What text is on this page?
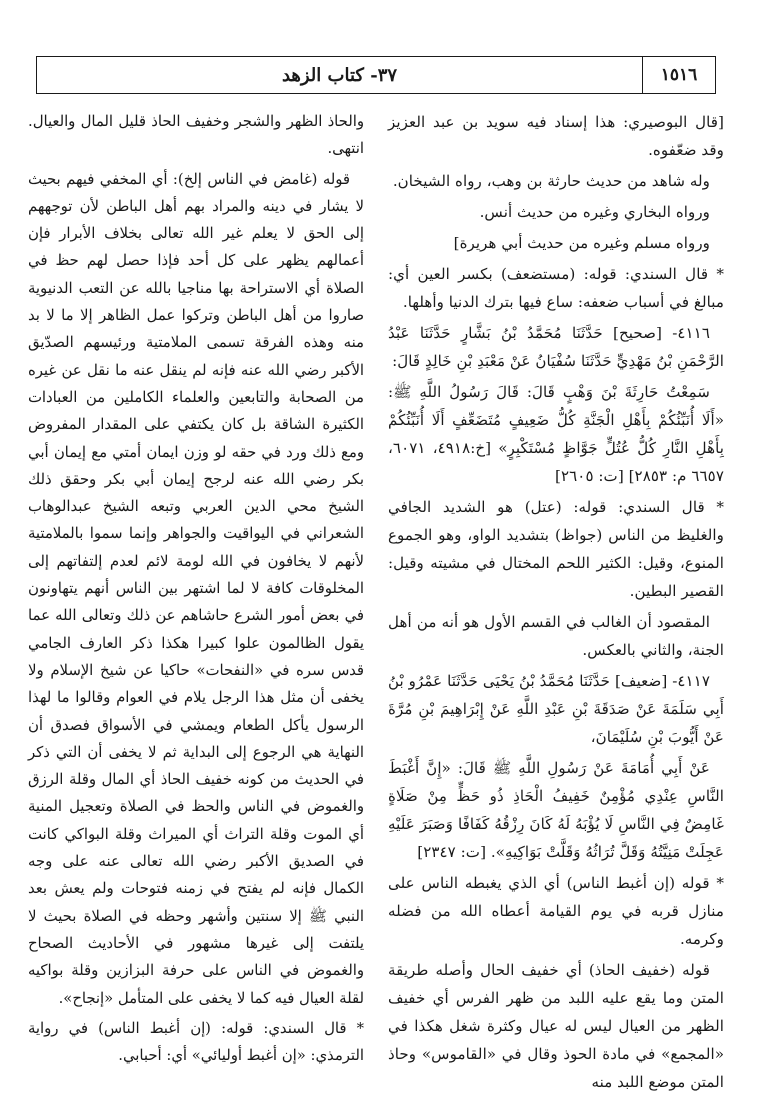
١٥١٦
٣٧- كتاب الزهد

[قال البوصيري: هذا إسناد فيه سويد بن عبد العزيز وقد ضعّفوه.

وله شاهد من حديث حارثة بن وهب، رواه الشيخان.

ورواه البخاري وغيره من حديث أنس.

ورواه مسلم وغيره من حديث أبي هريرة]

* قال السندي: قوله: (مستضعف) بكسر العين أي: مبالغ في أسباب ضعفه: ساع فيها بترك الدنيا وأهلها.

٤١١٦- [صحيح] حَدَّثَنَا مُحَمَّدُ بْنُ بَشَّارٍ حَدَّثَنَا عَبْدُ الرَّحْمَنِ بْنُ مَهْدِيٍّ حَدَّثَنَا سُفْيَانُ عَنْ مَعْبَدِ بْنِ خَالِدٍ قَالَ:

سَمِعْتُ حَارِثَةَ بْنَ وَهْبٍ قَالَ: قَالَ رَسُولُ اللَّهِ ﷺ: «أَلَا أُنَبِّئُكُمْ بِأَهْلِ الْجَنَّةِ كُلُّ ضَعِيفٍ مُتَضَعِّفٍ أَلَا أُنَبِّئُكُمْ بِأَهْلِ النَّارِ كُلُّ عُتُلٍّ جَوَّاظٍ مُسْتَكْبِرٍ» [خ:٤٩١٨، ٦٠٧١، ٦٦٥٧ م: ٢٨٥٣] [ت: ٢٦٠٥]

* قال السندي: قوله: (عتل) هو الشديد الجافي والغليظ من الناس (جواظ) بتشديد الواو، وهو الجموع المنوع، وقيل: الكثير اللحم المختال في مشيته وقيل: القصير البطين.

المقصود أن الغالب في القسم الأول هو أنه من أهل الجنة، والثاني بالعكس.

٤١١٧- [ضعيف] حَدَّثَنَا مُحَمَّدُ بْنُ يَحْيَى حَدَّثَنَا عَمْرُو بْنُ أَبِي سَلَمَةَ عَنْ صَدَقَةَ بْنِ عَبْدِ اللَّهِ عَنْ إِبْرَاهِيمَ بْنِ مُرَّةَ عَنْ أَيُّوبَ بْنِ سُلَيْمَانَ،

عَنْ أَبِي أُمَامَةَ عَنْ رَسُولِ اللَّهِ ﷺ قَالَ: «إِنَّ أَغْبَطَ النَّاسِ عِنْدِي مُؤْمِنٌ خَفِيفُ الْحَاذِ ذُو حَظٍّ مِنْ صَلَاةٍ غَامِضٌ فِي النَّاسِ لَا يُؤْبَهُ لَهُ كَانَ رِزْقُهُ كَفَافًا وَصَبَرَ عَلَيْهِ عَجِلَتْ مَنِيَّتُهُ وَقَلَّ تُرَاثُهُ وَقَلَّتْ بَوَاكِيهِ». [ت: ٢٣٤٧]

* قوله (إن أغبط الناس) أي الذي يغبطه الناس على منازل قربه في يوم القيامة أعطاه الله من فضله وكرمه.

قوله (خفيف الحاذ) أي خفيف الحال وأصله طريقة المتن وما يقع عليه اللبد من ظهر الفرس أي خفيف الظهر من العيال ليس له عيال وكثرة شغل هكذا في «المجمع» في مادة الحوذ وقال في «القاموس» وحاذ المتن موضع اللبد منه

والحاذ الظهر والشجر وخفيف الحاذ قليل المال والعيال. انتهى.

قوله (غامض في الناس إلخ): أي المخفي فيهم بحيث لا يشار في دينه والمراد بهم أهل الباطن لأن توجههم إلى الحق لا يعلم غير الله تعالى بخلاف الأبرار فإن أعمالهم يظهر على كل أحد فإذا حصل لهم حظ في الصلاة أي الاستراحة بها مناجيا بالله عن التعب الدنيوية صاروا من أهل الباطن وتركوا عمل الظاهر إلا ما لا بد منه وهذه الفرقة تسمى الملامتية ورئيسهم الصدّيق الأكبر رضي الله عنه فإنه لم ينقل عنه ما نقل عن غيره من الصحابة والتابعين والعلماء الكاملين من العبادات الكثيرة الشاقة بل كان يكتفي على المقدار المفروض ومع ذلك ورد في حقه لو وزن ايمان أمتي مع إيمان أبي بكر رضي الله عنه لرجح إيمان أبي بكر وحقق ذلك الشيخ محي الدين العربي وتبعه الشيخ عبدالوهاب الشعراني في اليواقيت والجواهر وإنما سموا بالملامتية لأنهم لا يخافون في الله لومة لائم لعدم إلتفاتهم إلى المخلوقات كافة لا لما اشتهر بين الناس أنهم يتهاونون في بعض أمور الشرع حاشاهم عن ذلك وتعالى الله عما يقول الظالمون علوا كبيرا هكذا ذكر العارف الجامي قدس سره في «النفحات» حاكيا عن شيخ الإسلام ولا يخفى أن مثل هذا الرجل يلام في العوام وقالوا ما لهذا الرسول يأكل الطعام ويمشي في الأسواق فصدق أن النهاية هي الرجوع إلى البداية ثم لا يخفى أن التي ذكر في الحديث من كونه خفيف الحاذ أي المال وقلة الرزق والغموض في الناس والحظ في الصلاة وتعجيل المنية أي الموت وقلة التراث أي الميراث وقلة البواكي كانت في الصديق الأكبر رضي الله تعالى عنه على وجه الكمال فإنه لم يفتح في زمنه فتوحات ولم يعش بعد النبي ﷺ إلا سنتين وأشهر وحظه في الصلاة بحيث لا يلتفت إلى غيرها مشهور في الأحاديث الصحاح والغموض في الناس على حرفة البزازين وقلة بواكيه لقلة العيال فيه كما لا يخفى على المتأمل «إنجاح».

* قال السندي: قوله: (إن أغبط الناس) في رواية الترمذي: «إن أغبط أوليائي» أي: أحبابي.
